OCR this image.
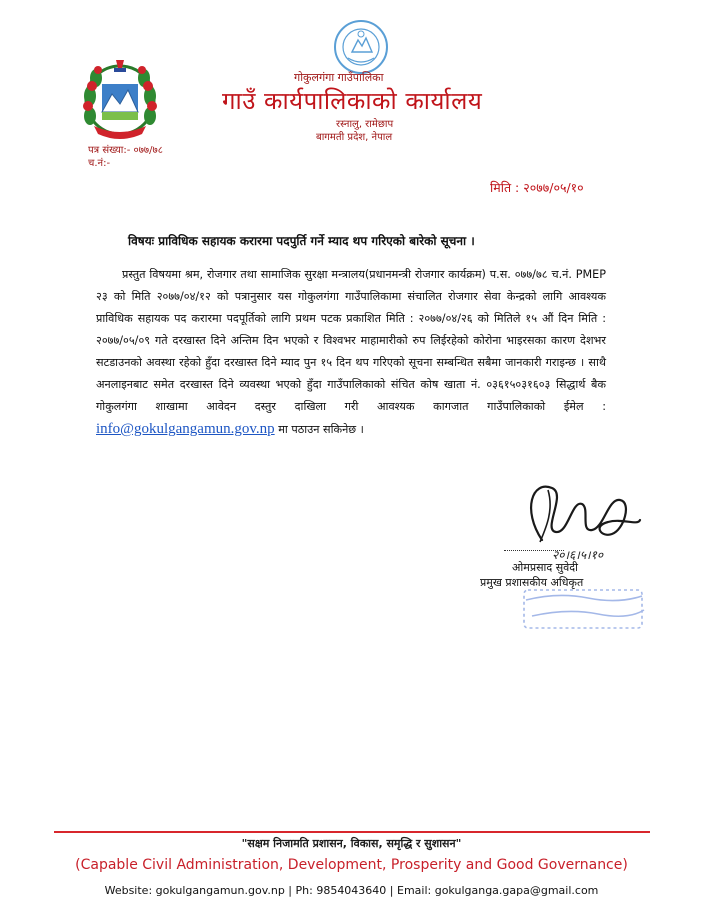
गोकुलगंगा गाउँपालिका
गाउँ कार्यपालिकाको कार्यालय
रस्नालु, रामेछाप
बागमती प्रदेश, नेपाल
पत्र संख्या:- ०७७/७८
च.नं:-
मिति : २०७७/०५/१०
विषयः प्राविधिक सहायक करारमा पदपुर्ति गर्ने म्याद थप गरिएको बारेको सूचना ।
प्रस्तुत विषयमा श्रम, रोजगार तथा सामाजिक सुरक्षा मन्त्रालय(प्रधानमन्त्री रोजगार कार्यक्रम) प.स. ०७७/७८ च.नं. PMEP २३ को मिति २०७७/०४/१२ को पत्रानुसार यस गोकुलगंगा गाउँपालिकामा संचालित रोजगार सेवा केन्द्रको लागि आवश्यक प्राविधिक सहायक पद करारमा पदपूर्तिको लागि प्रथम पटक प्रकाशित मिति : २०७७/०४/२६ को मितिले १५ औं दिन मिति : २०७७/०५/०९ गते दरखास्त दिने अन्तिम दिन भएको र विश्वभर माहामारीको रुप लिईरहेको कोरोना भाइरसका कारण देशभर सटडाउनको अवस्था रहेको हुँदा दरखास्त दिने म्याद पुन १५ दिन थप गरिएको सूचना सम्बन्धित सबैमा जानकारी गराइन्छ । साथै अनलाइनबाट समेत दरखास्त दिने व्यवस्था भएको हुँदा गाउँपालिकाको संचित कोष खाता नं. ०३६१५०३१६०३ सिद्धार्थ बैक गोकुलगंगा शाखामा आवेदन दस्तुर दाखिला गरी आवश्यक कागजात गाउँपालिकाको ईमेल : info@gokulgangamun.gov.np मा पठाउन सकिनेछ ।
२०।६।५।१०
ओमप्रसाद सुवेदी
प्रमुख प्रशासकीय अधिकृत
"सक्षम निजामति प्रशासन, विकास, समृद्धि र सुशासन"
(Capable Civil Administration, Development, Prosperity and Good Governance)
Website: gokulgangamun.gov.np | Ph: 9854043640 | Email: gokulganga.gapa@gmail.com
